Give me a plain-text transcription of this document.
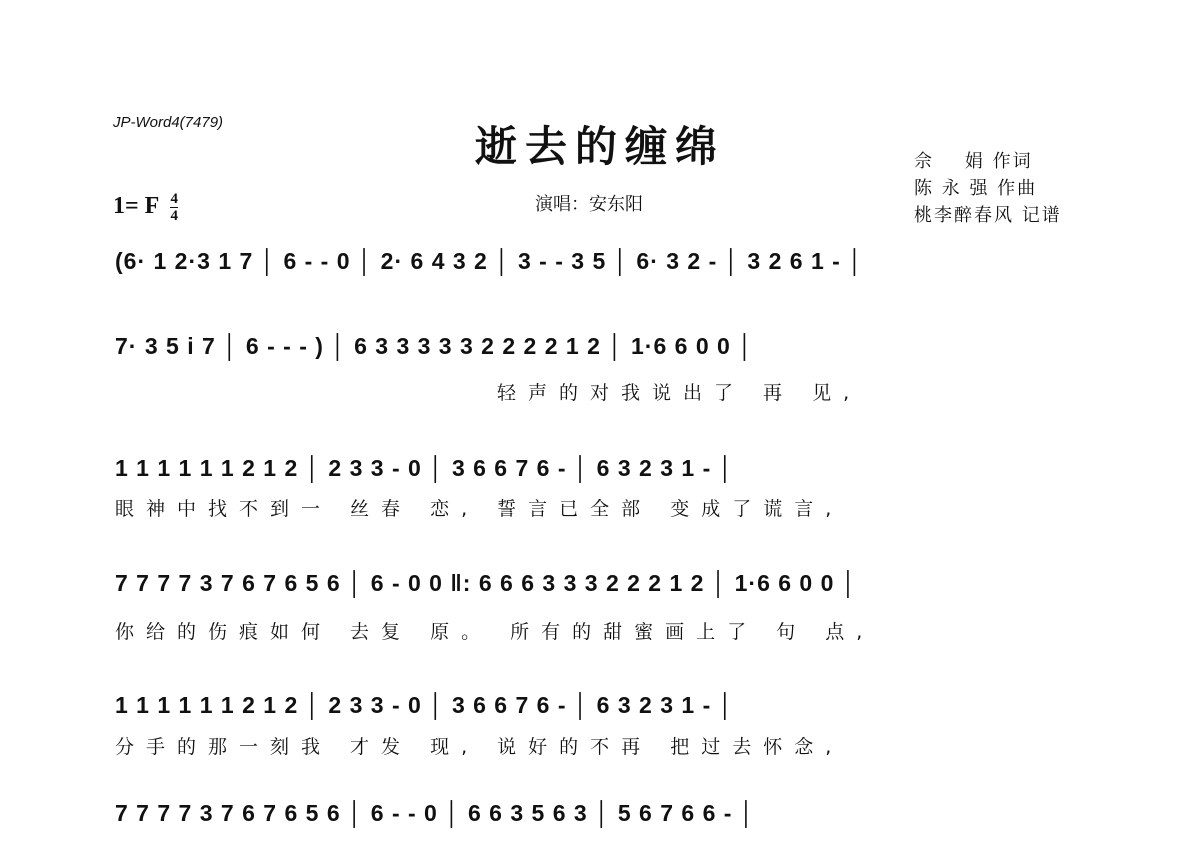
JP-Word4(7479)	逝去的缠绵	佘    娟 作词
陈 永 强 作曲
桃李醉春风 记谱
1= F $\frac{4}{4}$	演唱：安东阳
(6· 1 2·3 1 7 │ 6 - - 0 │ 2· 6 4 3 2 │ 3 - - 3 5 │ 6· 3 2 - │ 3 2 6 1 - │
7· 3 5 i 7 │ 6 - - - ) │ 6 3 3 3 3 3 2 2 2 2 1 2 │ 1·6 6 0 0 │
轻声的对我说出了 再 见,
1 1 1 1 1 1 2 1 2 │ 2 3 3 - 0 │ 3 6 6 7 6 - │ 6 3 2 3 1 - │
眼神中找不到一 丝春 恋, 誓言已全部 变成了谎言,
7 7 7 7 3 7 6 7 6 5 6 │ 6 - 0 0 ‖: 6 6 6 3 3 3 2 2 2 1 2 │ 1·6 6 0 0 │
你给的伤痕如何 去复 原。 所有的甜蜜画上了 句 点,
1 1 1 1 1 1 2 1 2 │ 2 3 3 - 0 │ 3 6 6 7 6 - │ 6 3 2 3 1 - │
分手的那一刻我 才发 现, 说好的不再 把过去怀念,
7 7 7 7 3 7 6 7 6 5 6 │ 6 - - 0 │ 6 6 3 5 6 3 │ 5 6 7 6 6 - │
